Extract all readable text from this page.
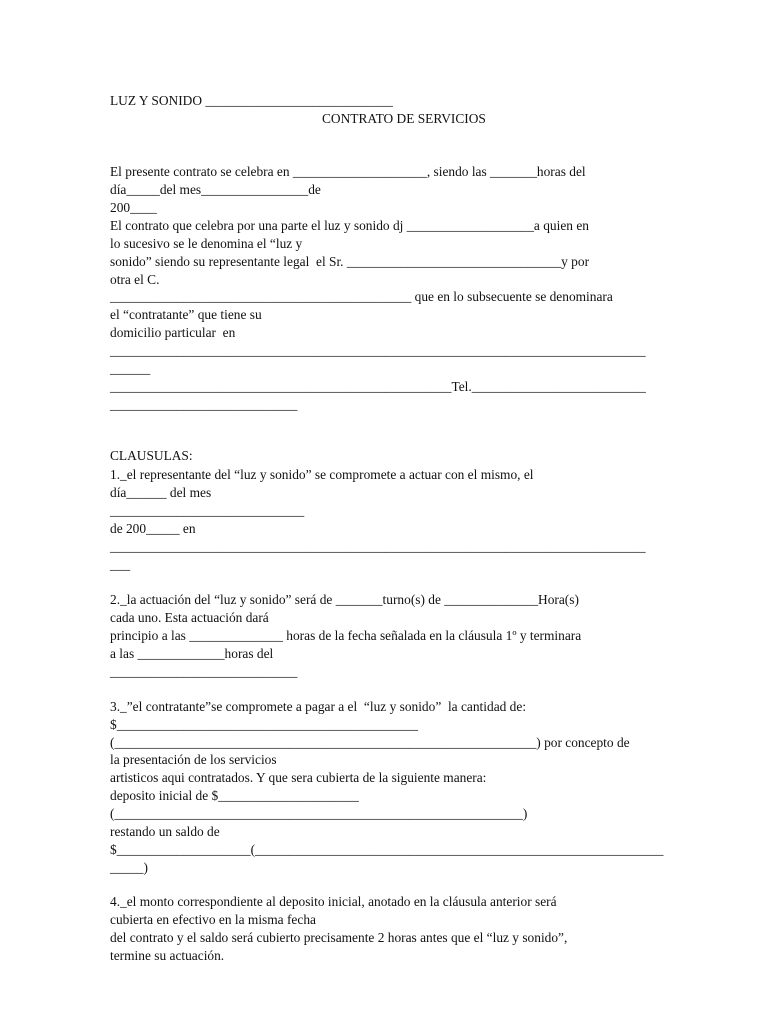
LUZ Y SONIDO ____________________________
CONTRATO DE SERVICIOS
El presente contrato se celebra en ____________________, siendo las _______horas del
día_____del mes________________de
200____
El contrato que celebra por una parte el luz y sonido dj ___________________a quien en
lo sucesivo se le denomina el “luz y
sonido” siendo su representante legal  el Sr. ________________________________y por
otra el C.
_____________________________________________ que en lo subsecuente se denominara
el “contratante” que tiene su
domicilio particular  en
________________________________________________________________________________
______
___________________________________________________Tel.__________________________
____________________________
CLAUSULAS:
1._el representante del “luz y sonido” se compromete a actuar con el mismo, el
día______ del mes
_____________________________
de 200_____ en
________________________________________________________________________________
___
2._la actuación del “luz y sonido” será de _______turno(s) de ______________Hora(s)
cada uno. Esta actuación dará
principio a las ______________ horas de la fecha señalada en la cláusula 1º y terminara
a las _____________horas del
____________________________
3._”el contratante”se compromete a pagar a el  “luz y sonido”  la cantidad de:
$_____________________________________________
(_______________________________________________________________) por concepto de
la presentación de los servicios
artisticos aqui contratados. Y que sera cubierta de la siguiente manera:
deposito inicial de $_____________________
(_____________________________________________________________)
restando un saldo de
$____________________(_____________________________________________________________
_____)
4._el monto correspondiente al deposito inicial, anotado en la cláusula anterior será
cubierta en efectivo en la misma fecha
del contrato y el saldo será cubierto precisamente 2 horas antes que el “luz y sonido”,
termine su actuación.
